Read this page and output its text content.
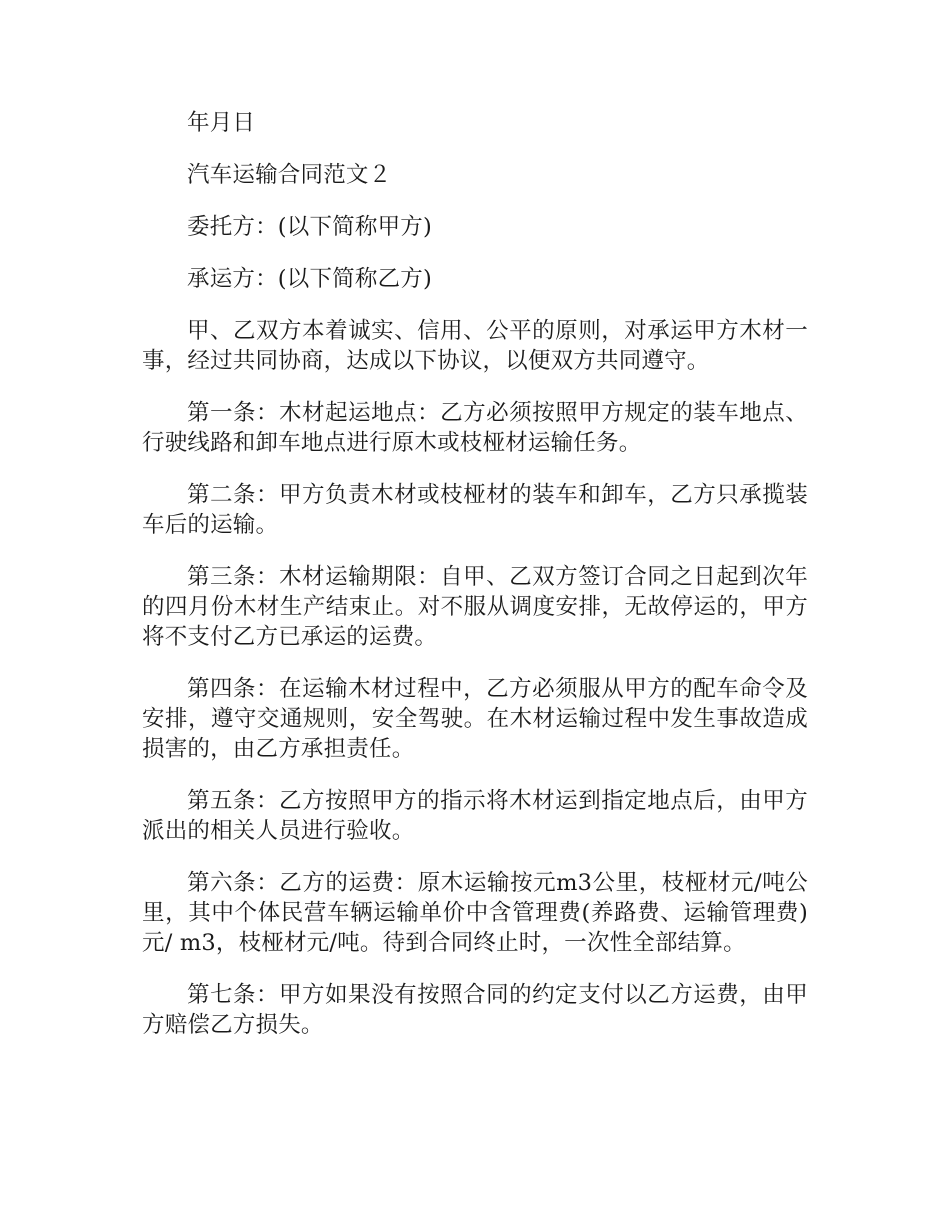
年月日

汽车运输合同范文２

委托方：(以下简称甲方)

承运方：(以下简称乙方)

甲、乙双方本着诚实、信用、公平的原则，对承运甲方木材一事，经过共同协商，达成以下协议，以便双方共同遵守。

第一条：木材起运地点：乙方必须按照甲方规定的装车地点、行驶线路和卸车地点进行原木或枝桠材运输任务。

第二条：甲方负责木材或枝桠材的装车和卸车，乙方只承揽装车后的运输。

第三条：木材运输期限：自甲、乙双方签订合同之日起到次年的四月份木材生产结束止。对不服从调度安排，无故停运的，甲方将不支付乙方已承运的运费。

第四条：在运输木材过程中，乙方必须服从甲方的配车命令及安排，遵守交通规则，安全驾驶。在木材运输过程中发生事故造成损害的，由乙方承担责任。

第五条：乙方按照甲方的指示将木材运到指定地点后，由甲方派出的相关人员进行验收。

第六条：乙方的运费：原木运输按元m3公里，枝桠材元/吨公里，其中个体民营车辆运输单价中含管理费(养路费、运输管理费)元/ m3，枝桠材元/吨。待到合同终止时，一次性全部结算。

第七条：甲方如果没有按照合同的约定支付以乙方运费，由甲方赔偿乙方损失。
